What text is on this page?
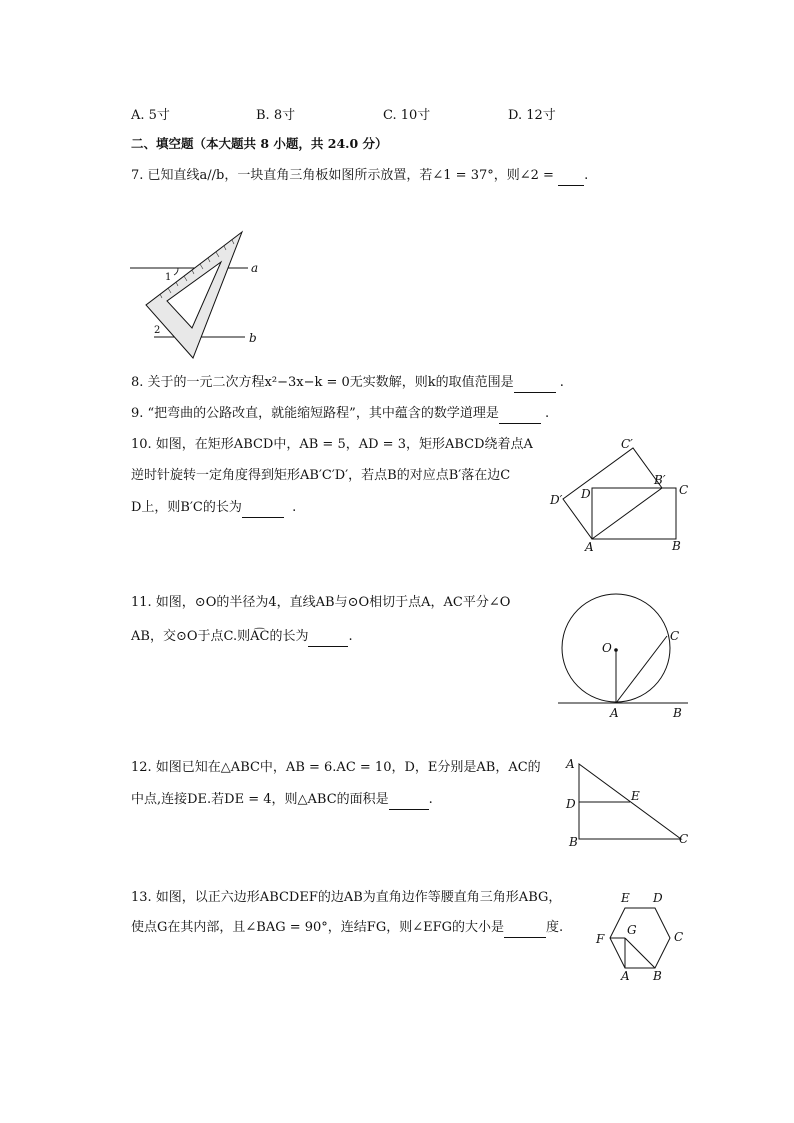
A. 5寸	B. 8寸	C. 10寸	D. 12寸
二、填空题（本大题共 8 小题，共 24.0 分）
7. 已知直线a//b，一块直角三角板如图所示放置，若∠1 = 37°，则∠2 = .
1
2
a
b
8. 关于的一元二次方程x²−3x−k = 0无实数解，则k的取值范围是	.
9. “把弯曲的公路改直，就能缩短路程”，其中蕴含的数学道理是	.
10. 如图，在矩形ABCD中，AB = 5，AD = 3，矩形ABCD绕着点A
逆时针旋转一定角度得到矩形AB′C′D′，若点B的对应点B′落在边C
D上，则B′C的长为	.
A	B
C
D
B′
C′
D′
11. 如图，⊙O的半径为4，直线AB与⊙O相切于点A，AC平分∠O
AB，交⊙O于点C.则A͡C的长为	.
O
C
A	B
12. 如图已知在△ABC中，AB = 6.AC = 10，D，E分别是AB，AC的
中点,连接DE.若DE = 4，则△ABC的面积是	.
A
D
E
B	C
13. 如图，以正六边形ABCDEF的边AB为直角边作等腰直角三角形ABG，
使点G在其内部，且∠BAG = 90°，连结FG，则∠EFG的大小是	度.
A B
C
D
E
F
G
